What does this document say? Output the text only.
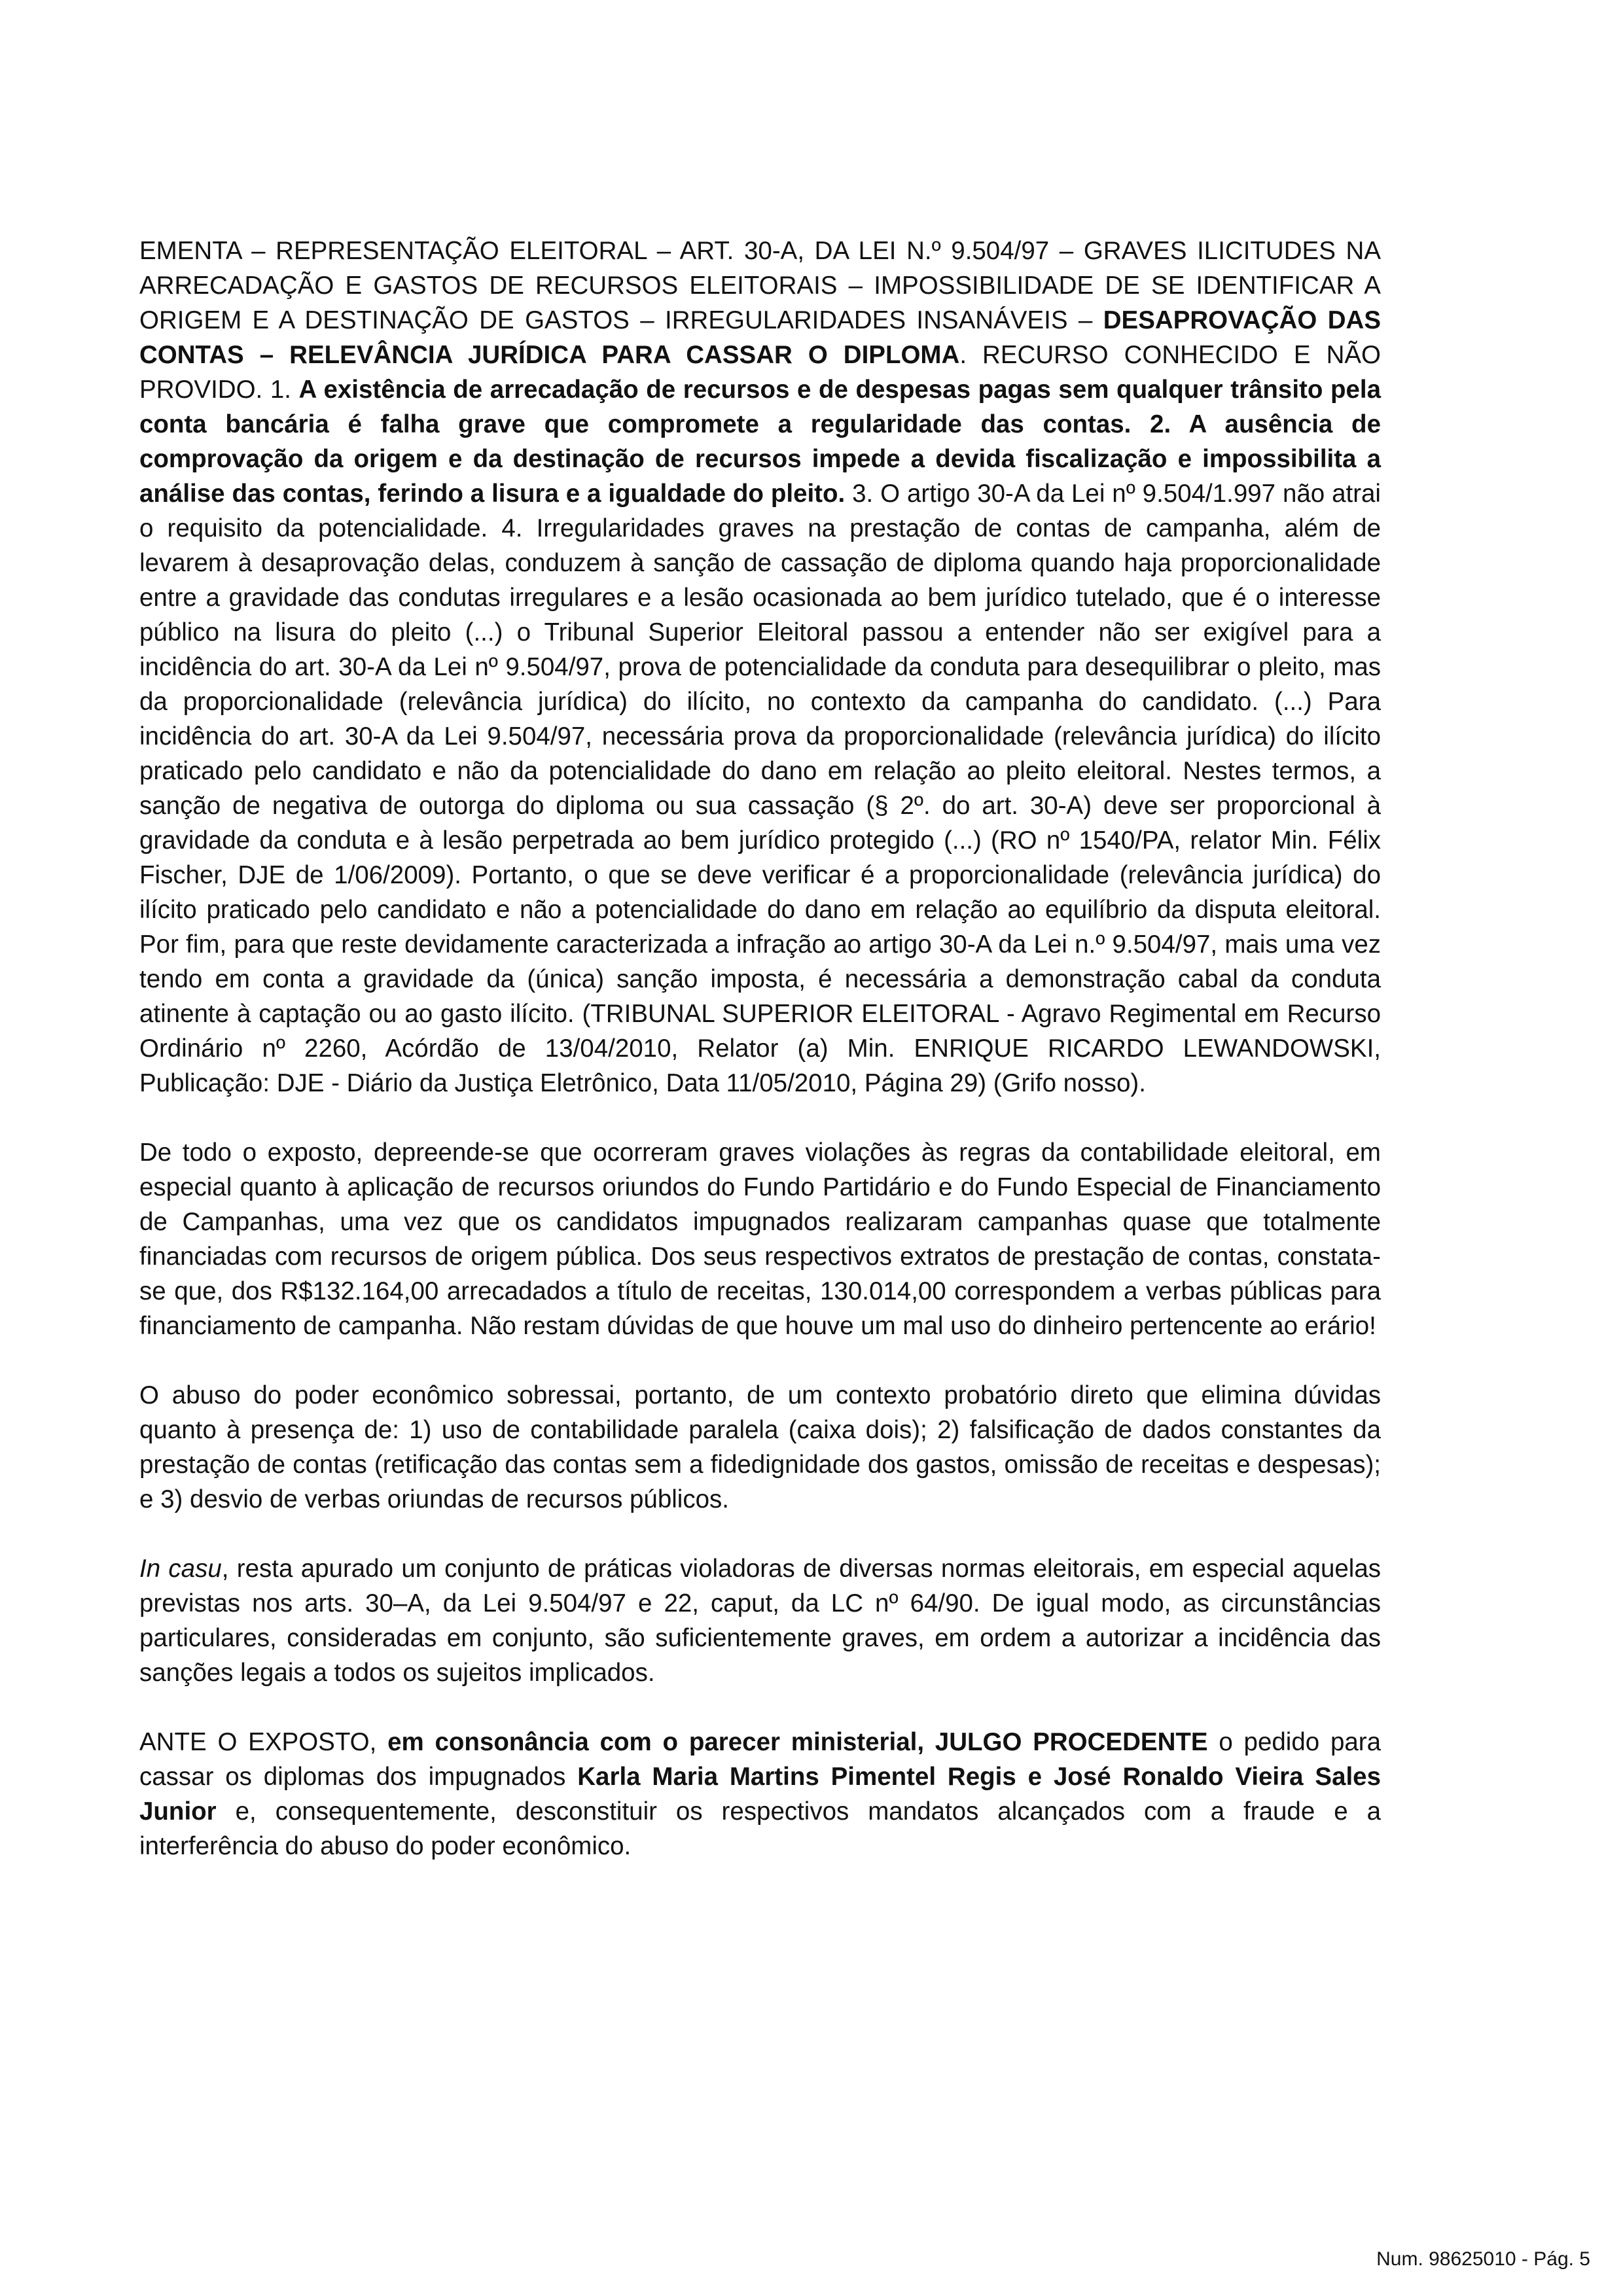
EMENTA – REPRESENTAÇÃO ELEITORAL – ART. 30-A, DA LEI N.º 9.504/97 – GRAVES ILICITUDES NA ARRECADAÇÃO E GASTOS DE RECURSOS ELEITORAIS – IMPOSSIBILIDADE DE SE IDENTIFICAR A ORIGEM E A DESTINAÇÃO DE GASTOS – IRREGULARIDADES INSANÁVEIS – DESAPROVAÇÃO DAS CONTAS – RELEVÂNCIA JURÍDICA PARA CASSAR O DIPLOMA. RECURSO CONHECIDO E NÃO PROVIDO. 1. A existência de arrecadação de recursos e de despesas pagas sem qualquer trânsito pela conta bancária é falha grave que compromete a regularidade das contas. 2. A ausência de comprovação da origem e da destinação de recursos impede a devida fiscalização e impossibilita a análise das contas, ferindo a lisura e a igualdade do pleito. 3. O artigo 30-A da Lei nº 9.504/1.997 não atrai o requisito da potencialidade. 4. Irregularidades graves na prestação de contas de campanha, além de levarem à desaprovação delas, conduzem à sanção de cassação de diploma quando haja proporcionalidade entre a gravidade das condutas irregulares e a lesão ocasionada ao bem jurídico tutelado, que é o interesse público na lisura do pleito (...) o Tribunal Superior Eleitoral passou a entender não ser exigível para a incidência do art. 30-A da Lei nº 9.504/97, prova de potencialidade da conduta para desequilibrar o pleito, mas da proporcionalidade (relevância jurídica) do ilícito, no contexto da campanha do candidato. (...) Para incidência do art. 30-A da Lei 9.504/97, necessária prova da proporcionalidade (relevância jurídica) do ilícito praticado pelo candidato e não da potencialidade do dano em relação ao pleito eleitoral. Nestes termos, a sanção de negativa de outorga do diploma ou sua cassação (§ 2º. do art. 30-A) deve ser proporcional à gravidade da conduta e à lesão perpetrada ao bem jurídico protegido (...) (RO nº 1540/PA, relator Min. Félix Fischer, DJE de 1/06/2009). Portanto, o que se deve verificar é a proporcionalidade (relevância jurídica) do ilícito praticado pelo candidato e não a potencialidade do dano em relação ao equilíbrio da disputa eleitoral. Por fim, para que reste devidamente caracterizada a infração ao artigo 30-A da Lei n.º 9.504/97, mais uma vez tendo em conta a gravidade da (única) sanção imposta, é necessária a demonstração cabal da conduta atinente à captação ou ao gasto ilícito. (TRIBUNAL SUPERIOR ELEITORAL - Agravo Regimental em Recurso Ordinário nº 2260, Acórdão de 13/04/2010, Relator (a) Min. ENRIQUE RICARDO LEWANDOWSKI, Publicação: DJE - Diário da Justiça Eletrônico, Data 11/05/2010, Página 29) (Grifo nosso).

De todo o exposto, depreende-se que ocorreram graves violações às regras da contabilidade eleitoral, em especial quanto à aplicação de recursos oriundos do Fundo Partidário e do Fundo Especial de Financiamento de Campanhas, uma vez que os candidatos impugnados realizaram campanhas quase que totalmente financiadas com recursos de origem pública. Dos seus respectivos extratos de prestação de contas, constata-se que, dos R$132.164,00 arrecadados a título de receitas, 130.014,00 correspondem a verbas públicas para financiamento de campanha. Não restam dúvidas de que houve um mal uso do dinheiro pertencente ao erário!

O abuso do poder econômico sobressai, portanto, de um contexto probatório direto que elimina dúvidas quanto à presença de: 1) uso de contabilidade paralela (caixa dois); 2) falsificação de dados constantes da prestação de contas (retificação das contas sem a fidedignidade dos gastos, omissão de receitas e despesas); e 3) desvio de verbas oriundas de recursos públicos.

In casu, resta apurado um conjunto de práticas violadoras de diversas normas eleitorais, em especial aquelas previstas nos arts. 30–A, da Lei 9.504/97 e 22, caput, da LC nº 64/90. De igual modo, as circunstâncias particulares, consideradas em conjunto, são suficientemente graves, em ordem a autorizar a incidência das sanções legais a todos os sujeitos implicados.

ANTE O EXPOSTO, em consonância com o parecer ministerial, JULGO PROCEDENTE o pedido para cassar os diplomas dos impugnados Karla Maria Martins Pimentel Regis e José Ronaldo Vieira Sales Junior e, consequentemente, desconstituir os respectivos mandatos alcançados com a fraude e a interferência do abuso do poder econômico.

Num. 98625010 - Pág. 5
